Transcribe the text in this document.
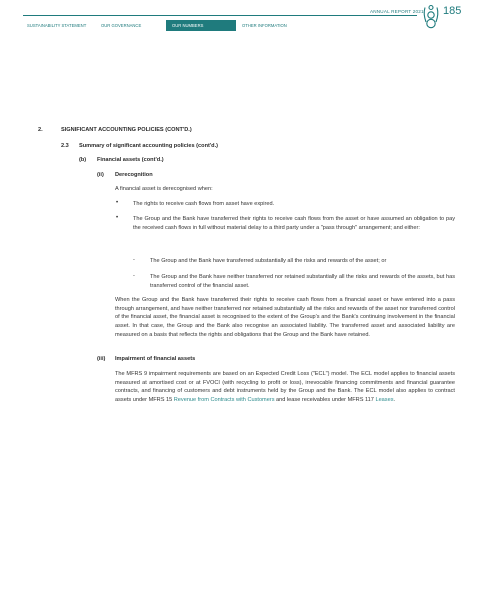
ANNUAL REPORT 2021 185
SUSTAINABILITY STATEMENT	OUR GOVERNANCE	OUR NUMBERS	OTHER INFORMATION
2.	SIGNIFICANT ACCOUNTING POLICIES (CONT'D.)
2.3 Summary of significant accounting policies (cont'd.)
(b) Financial assets (cont'd.)
(ii) Derecognition
A financial asset is derecognised when:
•	The rights to receive cash flows from asset have expired.
•	The Group and the Bank have transferred their rights to receive cash flows from the asset or have assumed an obligation to pay the received cash flows in full without material delay to a third party under a "pass through" arrangement; and either:
-	The Group and the Bank have transferred substantially all the risks and rewards of the asset; or
-	The Group and the Bank have neither transferred nor retained substantially all the risks and rewards of the assets, but has transferred control of the financial asset.
When the Group and the Bank have transferred their rights to receive cash flows from a financial asset or have entered into a pass through arrangement, and have neither transferred nor retained substantially all the risks and rewards of the asset nor transferred control of the financial asset, the financial asset is recognised to the extent of the Group's and the Bank's continuing involvement in the financial asset. In that case, the Group and the Bank also recognise an associated liability. The transferred asset and associated liability are measured on a basis that reflects the rights and obligations that the Group and the Bank have retained.
(iii) Impairment of financial assets
The MFRS 9 impairment requirements are based on an Expected Credit Loss ("ECL") model. The ECL model applies to financial assets measured at amortised cost or at FVOCI (with recycling to profit or loss), irrevocable financing commitments and financial guarantee contracts, and financing of customers and debt instruments held by the Group and the Bank. The ECL model also applies to contract assets under MFRS 15 Revenue from Contracts with Customers and lease receivables under MFRS 117 Leases.
